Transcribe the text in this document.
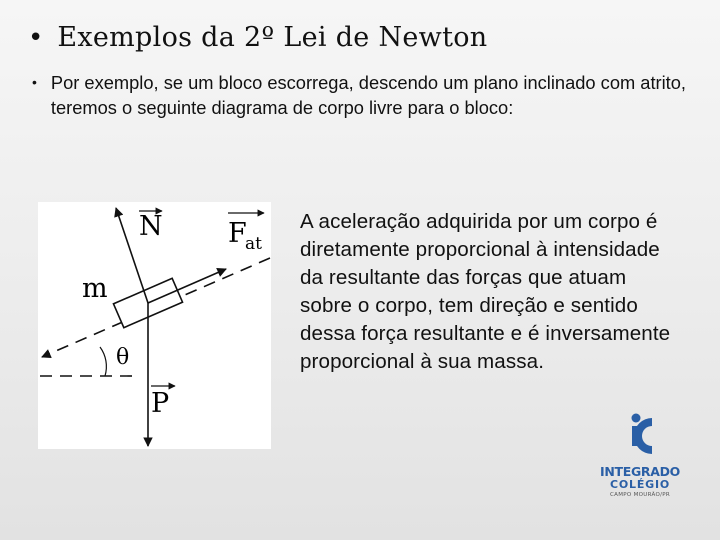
• Exemplos da 2º Lei de Newton
• Por exemplo, se um bloco escorrega, descendo um plano inclinado com atrito, teremos o seguinte diagrama de corpo livre para o bloco:
N F
at
m
θ
P
A aceleração adquirida por um corpo é diretamente proporcional à intensidade da resultante das forças que atuam sobre o corpo, tem direção e sentido dessa força resultante e é inversamente proporcional à sua massa.
INTEGRADO
COLÉGIO
CAMPO MOURÃO/PR
